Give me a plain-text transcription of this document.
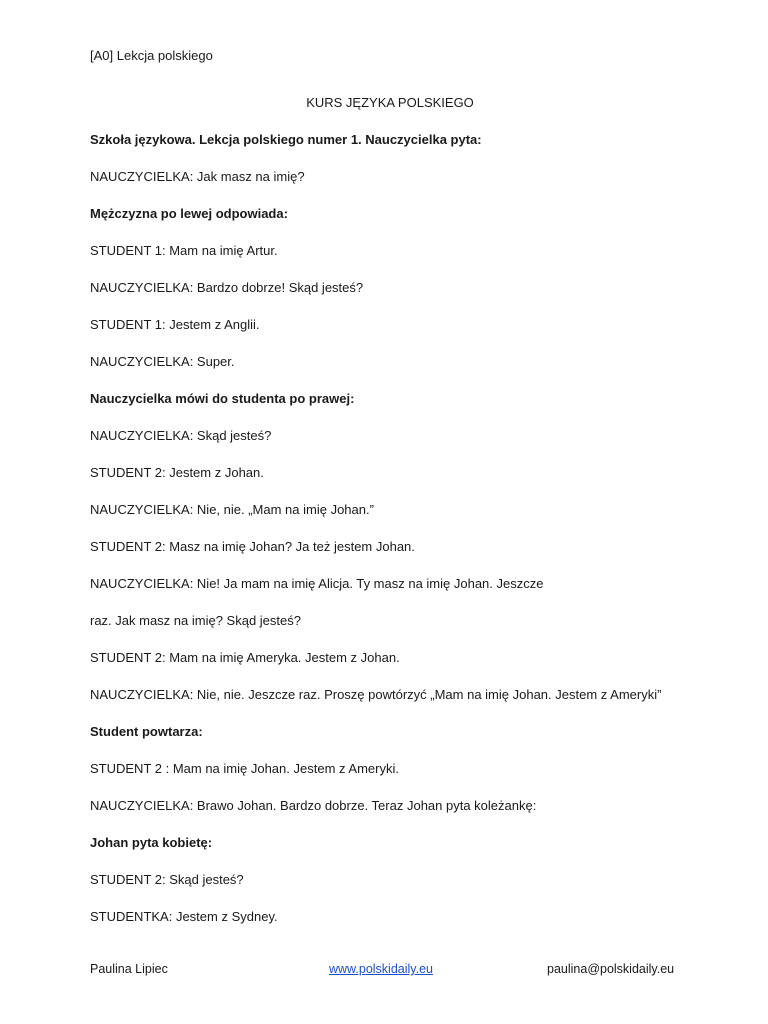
[A0] Lekcja polskiego
KURS JĘZYKA POLSKIEGO
Szkoła językowa. Lekcja polskiego numer 1. Nauczycielka pyta:
NAUCZYCIELKA: Jak masz na imię?
Mężczyzna po lewej odpowiada:
STUDENT 1: Mam na imię Artur.
NAUCZYCIELKA: Bardzo dobrze! Skąd jesteś?
STUDENT 1: Jestem z Anglii.
NAUCZYCIELKA: Super.
Nauczycielka mówi do studenta po prawej:
NAUCZYCIELKA: Skąd jesteś?
STUDENT 2: Jestem z Johan.
NAUCZYCIELKA: Nie, nie. „Mam na imię Johan.”
STUDENT 2: Masz na imię Johan? Ja też jestem Johan.
NAUCZYCIELKA: Nie! Ja mam na imię Alicja. Ty masz na imię Johan. Jeszcze
raz. Jak masz na imię? Skąd jesteś?
STUDENT 2: Mam na imię Ameryka. Jestem z Johan.
NAUCZYCIELKA: Nie, nie. Jeszcze raz. Proszę powtórzyć „Mam na imię Johan. Jestem z Ameryki”
Student powtarza:
STUDENT 2 : Mam na imię Johan. Jestem z Ameryki.
NAUCZYCIELKA: Brawo Johan. Bardzo dobrze. Teraz Johan pyta koleżankę:
Johan pyta kobietę:
STUDENT 2: Skąd jesteś?
STUDENTKA: Jestem z Sydney.
Paulina Lipiec	www.polskidaily.eu	paulina@polskidaily.eu
